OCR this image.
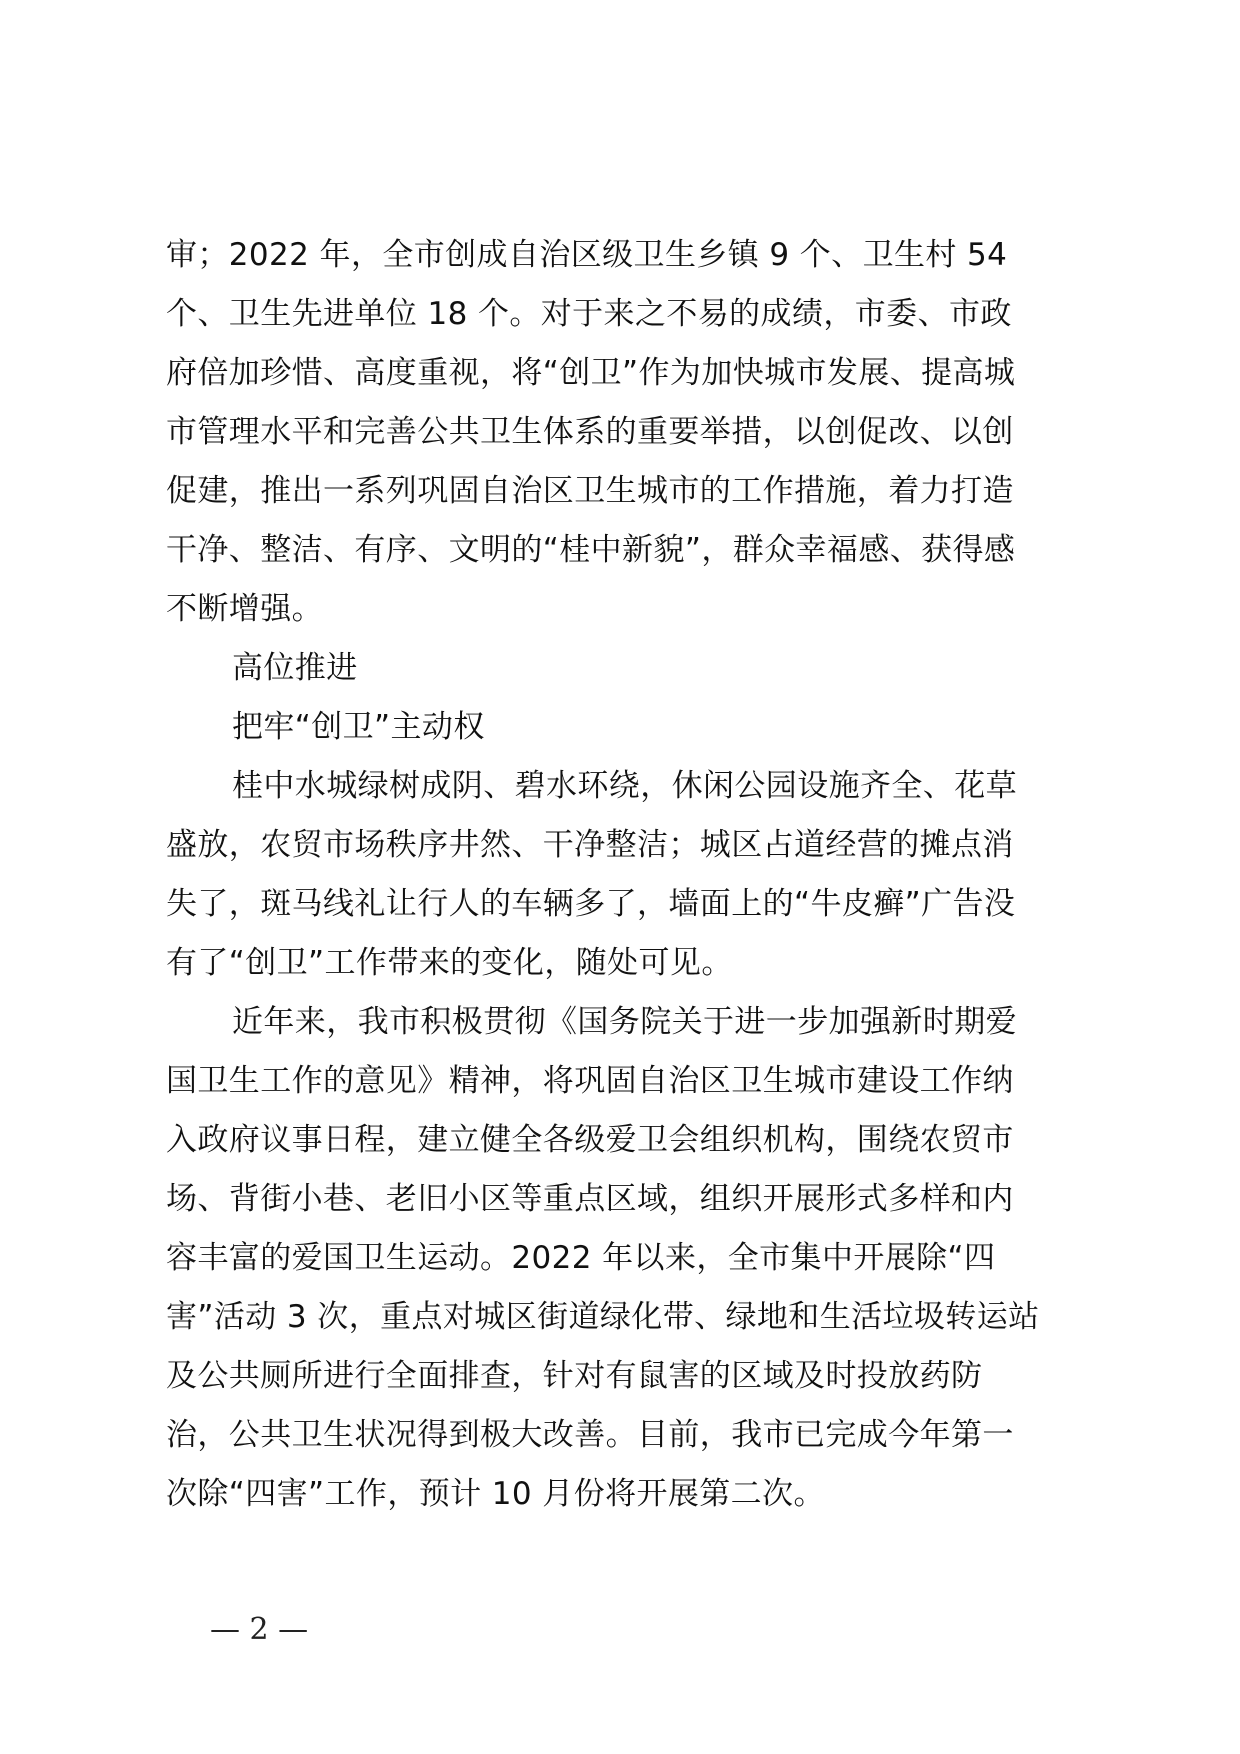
审；2022 年，全市创成自治区级卫生乡镇 9 个、卫生村 54
个、卫生先进单位 18 个。对于来之不易的成绩，市委、市政
府倍加珍惜、高度重视，将“创卫”作为加快城市发展、提高城
市管理水平和完善公共卫生体系的重要举措，以创促改、以创
促建，推出一系列巩固自治区卫生城市的工作措施，着力打造
干净、整洁、有序、文明的“桂中新貌”，群众幸福感、获得感
不断增强。
高位推进
把牢“创卫”主动权
桂中水城绿树成阴、碧水环绕，休闲公园设施齐全、花草
盛放，农贸市场秩序井然、干净整洁；城区占道经营的摊点消
失了，斑马线礼让行人的车辆多了，墙面上的“牛皮癣”广告没
有了“创卫”工作带来的变化，随处可见。
近年来，我市积极贯彻《国务院关于进一步加强新时期爱
国卫生工作的意见》精神，将巩固自治区卫生城市建设工作纳
入政府议事日程，建立健全各级爱卫会组织机构，围绕农贸市
场、背街小巷、老旧小区等重点区域，组织开展形式多样和内
容丰富的爱国卫生运动。2022 年以来，全市集中开展除“四
害”活动 3 次，重点对城区街道绿化带、绿地和生活垃圾转运站
及公共厕所进行全面排查，针对有鼠害的区域及时投放药防
治，公共卫生状况得到极大改善。目前，我市已完成今年第一
次除“四害”工作，预计 10 月份将开展第二次。
— 2 —
